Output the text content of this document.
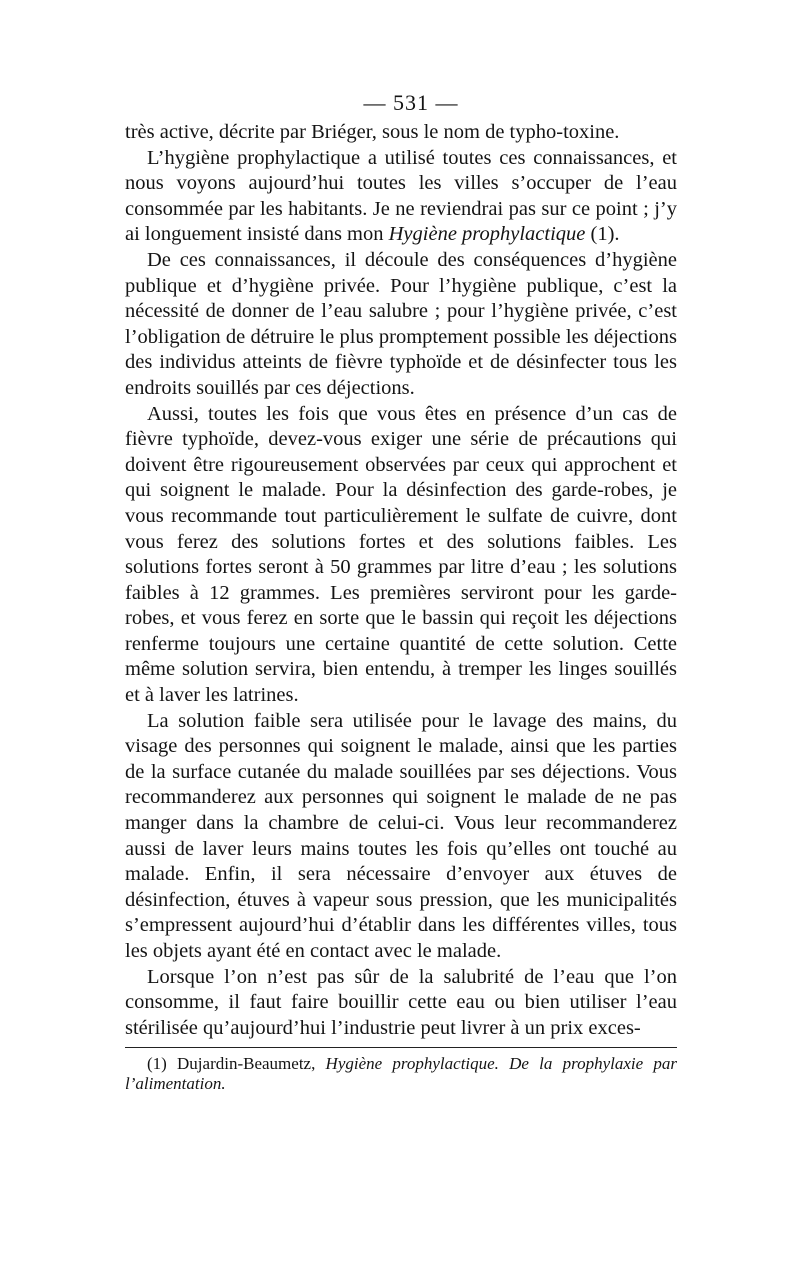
— 531 —

très active, décrite par Briéger, sous le nom de typho-toxine.

L’hygiène prophylactique a utilisé toutes ces connaissances, et nous voyons aujourd’hui toutes les villes s’occuper de l’eau consommée par les habitants. Je ne reviendrai pas sur ce point ; j’y ai longuement insisté dans mon Hygiène prophylactique (1).

De ces connaissances, il découle des conséquences d’hygiène publique et d’hygiène privée. Pour l’hygiène publique, c’est la nécessité de donner de l’eau salubre ; pour l’hygiène privée, c’est l’obligation de détruire le plus promptement possible les déjections des individus atteints de fièvre typhoïde et de désinfecter tous les endroits souillés par ces déjections.

Aussi, toutes les fois que vous êtes en présence d’un cas de fièvre typhoïde, devez-vous exiger une série de précautions qui doivent être rigoureusement observées par ceux qui approchent et qui soignent le malade. Pour la désinfection des garde-robes, je vous recommande tout particulièrement le sulfate de cuivre, dont vous ferez des solutions fortes et des solutions faibles. Les solutions fortes seront à 50 grammes par litre d’eau ; les solutions faibles à 12 grammes. Les premières serviront pour les garde-robes, et vous ferez en sorte que le bassin qui reçoit les déjections renferme toujours une certaine quantité de cette solution. Cette même solution servira, bien entendu, à tremper les linges souillés et à laver les latrines.

La solution faible sera utilisée pour le lavage des mains, du visage des personnes qui soignent le malade, ainsi que les parties de la surface cutanée du malade souillées par ses déjections. Vous recommanderez aux personnes qui soignent le malade de ne pas manger dans la chambre de celui-ci. Vous leur recommanderez aussi de laver leurs mains toutes les fois qu’elles ont touché au malade. Enfin, il sera nécessaire d’envoyer aux étuves de désinfection, étuves à vapeur sous pression, que les municipalités s’empressent aujourd’hui d’établir dans les différentes villes, tous les objets ayant été en contact avec le malade.

Lorsque l’on n’est pas sûr de la salubrité de l’eau que l’on consomme, il faut faire bouillir cette eau ou bien utiliser l’eau stérilisée qu’aujourd’hui l’industrie peut livrer à un prix exces-

(1) Dujardin-Beaumetz, Hygiène prophylactique. De la prophylaxie par l’alimentation.
